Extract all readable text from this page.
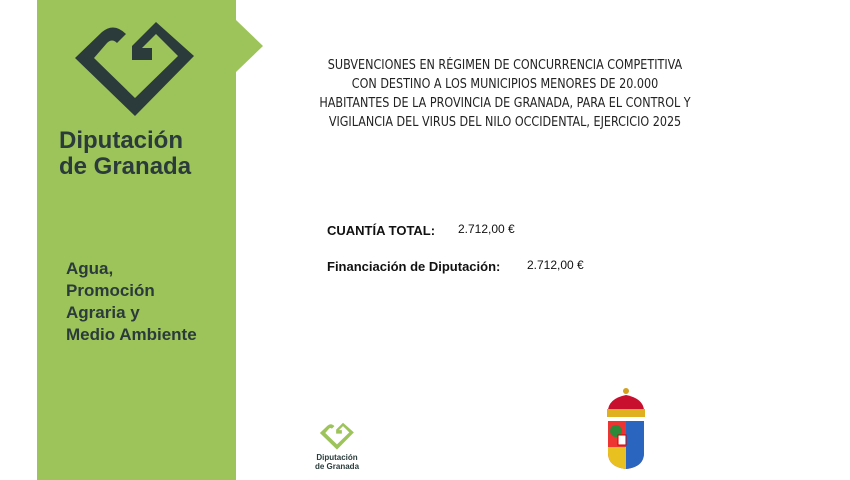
Diputación
de Granada
Agua,
Promoción
Agraria y
Medio Ambiente
SUBVENCIONES EN RÉGIMEN DE CONCURRENCIA COMPETITIVA CON DESTINO A LOS MUNICIPIOS MENORES DE 20.000 HABITANTES DE LA PROVINCIA DE GRANADA, PARA EL CONTROL Y VIGILANCIA DEL VIRUS DEL NILO OCCIDENTAL, EJERCICIO 2025
CUANTÍA TOTAL: 2.712,00 €
Financiación de Diputación: 2.712,00 €
Diputación
de Granada
